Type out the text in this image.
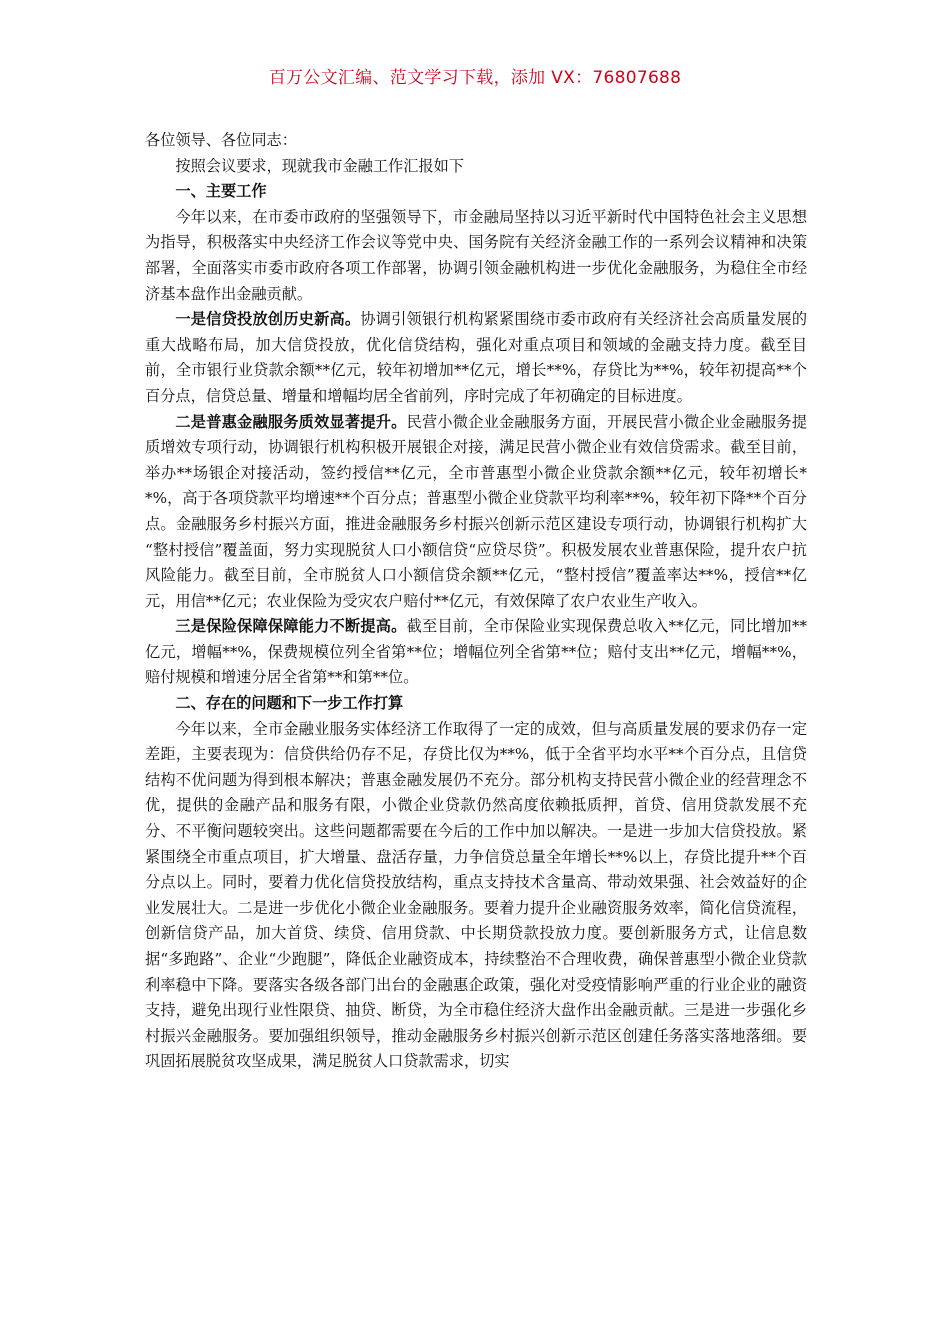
百万公文汇编、范文学习下载，添加 VX：76807688

各位领导、各位同志：

按照会议要求，现就我市金融工作汇报如下

一、主要工作

今年以来，在市委市政府的坚强领导下，市金融局坚持以习近平新时代中国特色社会主义思想为指导，积极落实中央经济工作会议等党中央、国务院有关经济金融工作的一系列会议精神和决策部署，全面落实市委市政府各项工作部署，协调引领金融机构进一步优化金融服务，为稳住全市经济基本盘作出金融贡献。

一是信贷投放创历史新高。协调引领银行机构紧紧围绕市委市政府有关经济社会高质量发展的重大战略布局，加大信贷投放，优化信贷结构，强化对重点项目和领域的金融支持力度。截至目前，全市银行业贷款余额**亿元，较年初增加**亿元，增长**%，存贷比为**%，较年初提高**个百分点，信贷总量、增量和增幅均居全省前列，序时完成了年初确定的目标进度。

二是普惠金融服务质效显著提升。民营小微企业金融服务方面，开展民营小微企业金融服务提质增效专项行动，协调银行机构积极开展银企对接，满足民营小微企业有效信贷需求。截至目前，举办**场银企对接活动，签约授信**亿元，全市普惠型小微企业贷款余额**亿元，较年初增长**%，高于各项贷款平均增速**个百分点；普惠型小微企业贷款平均利率**%，较年初下降**个百分点。金融服务乡村振兴方面，推进金融服务乡村振兴创新示范区建设专项行动，协调银行机构扩大 “整村授信”覆盖面，努力实现脱贫人口小额信贷“应贷尽贷”。积极发展农业普惠保险，提升农户抗风险能力。截至目前，全市脱贫人口小额信贷余额**亿元，“整村授信”覆盖率达**%，授信**亿元，用信**亿元；农业保险为受灾农户赔付**亿元，有效保障了农户农业生产收入。

三是保险保障保障能力不断提高。截至目前，全市保险业实现保费总收入**亿元，同比增加**亿元，增幅**%，保费规模位列全省第**位；增幅位列全省第**位；赔付支出**亿元，增幅**%，赔付规模和增速分居全省第**和第**位。

二、存在的问题和下一步工作打算

今年以来，全市金融业服务实体经济工作取得了一定的成效，但与高质量发展的要求仍存一定差距，主要表现为：信贷供给仍存不足，存贷比仅为**%，低于全省平均水平**个百分点，且信贷结构不优问题为得到根本解决；普惠金融发展仍不充分。部分机构支持民营小微企业的经营理念不优，提供的金融产品和服务有限，小微企业贷款仍然高度依赖抵质押，首贷、信用贷款发展不充分、不平衡问题较突出。这些问题都需要在今后的工作中加以解决。一是进一步加大信贷投放。紧紧围绕全市重点项目，扩大增量、盘活存量，力争信贷总量全年增长**%以上，存贷比提升**个百分点以上。同时，要着力优化信贷投放结构，重点支持技术含量高、带动效果强、社会效益好的企业发展壮大。二是进一步优化小微企业金融服务。要着力提升企业融资服务效率，简化信贷流程，创新信贷产品，加大首贷、续贷、信用贷款、中长期贷款投放力度。要创新服务方式，让信息数据“多跑路”、企业“少跑腿”，降低企业融资成本，持续整治不合理收费，确保普惠型小微企业贷款利率稳中下降。要落实各级各部门出台的金融惠企政策，强化对受疫情影响严重的行业企业的融资支持，避免出现行业性限贷、抽贷、断贷，为全市稳住经济大盘作出金融贡献。三是进一步强化乡村振兴金融服务。要加强组织领导，推动金融服务乡村振兴创新示范区创建任务落实落地落细。要巩固拓展脱贫攻坚成果，满足脱贫人口贷款需求，切实
